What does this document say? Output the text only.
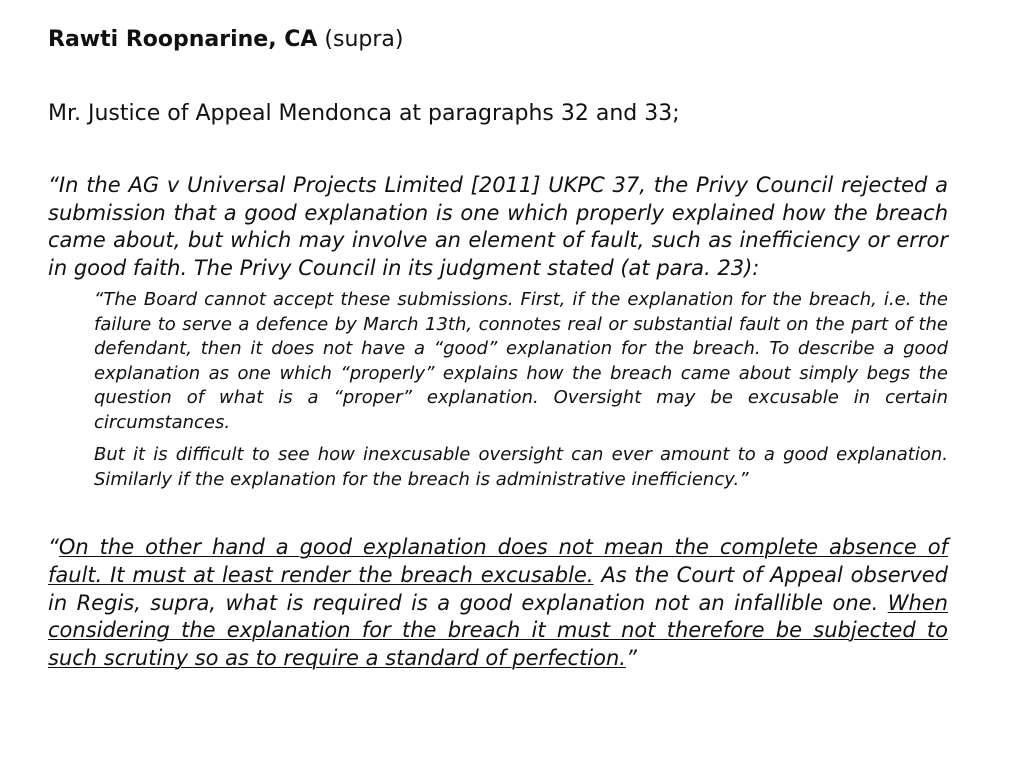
Rawti Roopnarine, CA (supra)

Mr. Justice of Appeal Mendonca at paragraphs 32 and 33;

“In the AG v Universal Projects Limited [2011] UKPC 37, the Privy Council rejected a submission that a good explanation is one which properly explained how the breach came about, but which may involve an element of fault, such as inefficiency or error in good faith. The Privy Council in its judgment stated (at para. 23):

“The Board cannot accept these submissions. First, if the explanation for the breach, i.e. the failure to serve a defence by March 13th, connotes real or substantial fault on the part of the defendant, then it does not have a “good” explanation for the breach. To describe a good explanation as one which “properly” explains how the breach came about simply begs the question of what is a “proper” explanation. Oversight may be excusable in certain circumstances.

But it is difficult to see how inexcusable oversight can ever amount to a good explanation. Similarly if the explanation for the breach is administrative inefficiency.”

“On the other hand a good explanation does not mean the complete absence of fault. It must at least render the breach excusable. As the Court of Appeal observed in Regis, supra, what is required is a good explanation not an infallible one. When considering the explanation for the breach it must not therefore be subjected to such scrutiny so as to require a standard of perfection.”
